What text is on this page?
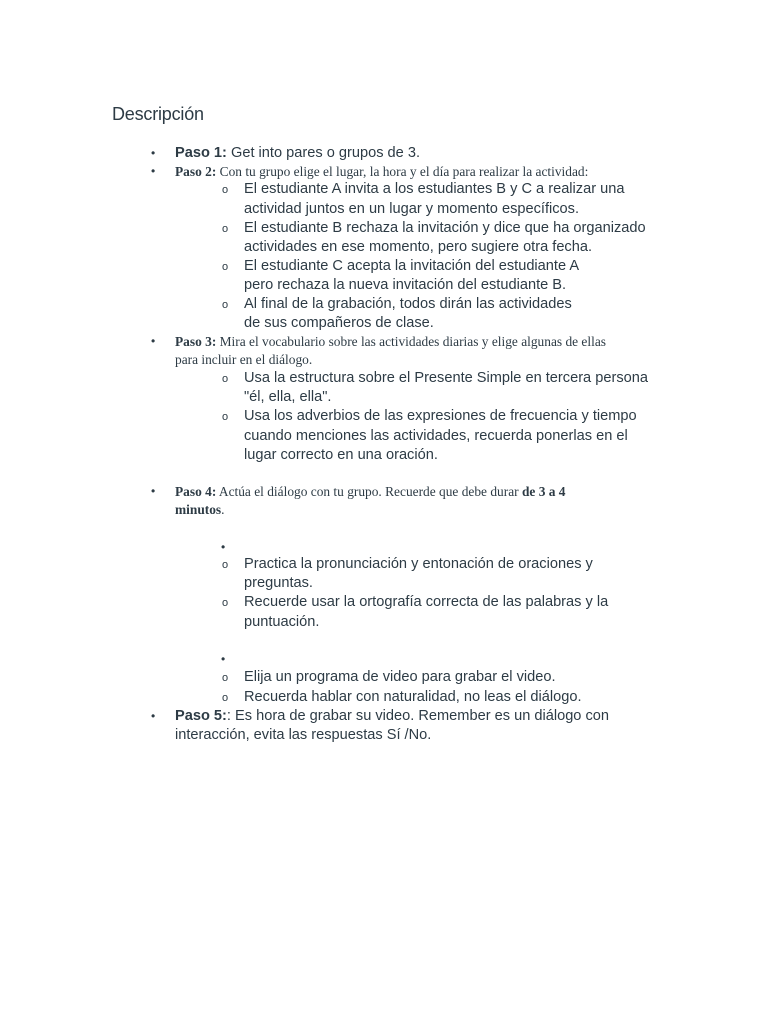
Descripción
• Paso 1: Get into pares o grupos de 3.
• Paso 2: Con tu grupo elige el lugar, la hora y el día para realizar la actividad:
o El estudiante A invita a los estudiantes B y C a realizar una
actividad juntos en un lugar y momento específicos.
o El estudiante B rechaza la invitación y dice que ha organizado
actividades en ese momento, pero sugiere otra fecha.
o El estudiante C acepta la invitación del estudiante A
pero rechaza la nueva invitación del estudiante B.
o Al final de la grabación, todos dirán las actividades
de sus compañeros de clase.
• Paso 3: Mira el vocabulario sobre las actividades diarias y elige algunas de ellas
para incluir en el diálogo.
o Usa la estructura sobre el Presente Simple en tercera persona
"él, ella, ella".
o Usa los adverbios de las expresiones de frecuencia y tiempo
cuando menciones las actividades, recuerda ponerlas en el
lugar correcto en una oración.
• Paso 4: Actúa el diálogo con tu grupo. Recuerde que debe durar de 3 a 4
minutos.
•
o Practica la pronunciación y entonación de oraciones y
preguntas.
o Recuerde usar la ortografía correcta de las palabras y la
puntuación.
•
o Elija un programa de video para grabar el video.
o Recuerda hablar con naturalidad, no leas el diálogo.
• Paso 5:: Es hora de grabar su video. Remember es un diálogo con
interacción, evita las respuestas Sí /No.
